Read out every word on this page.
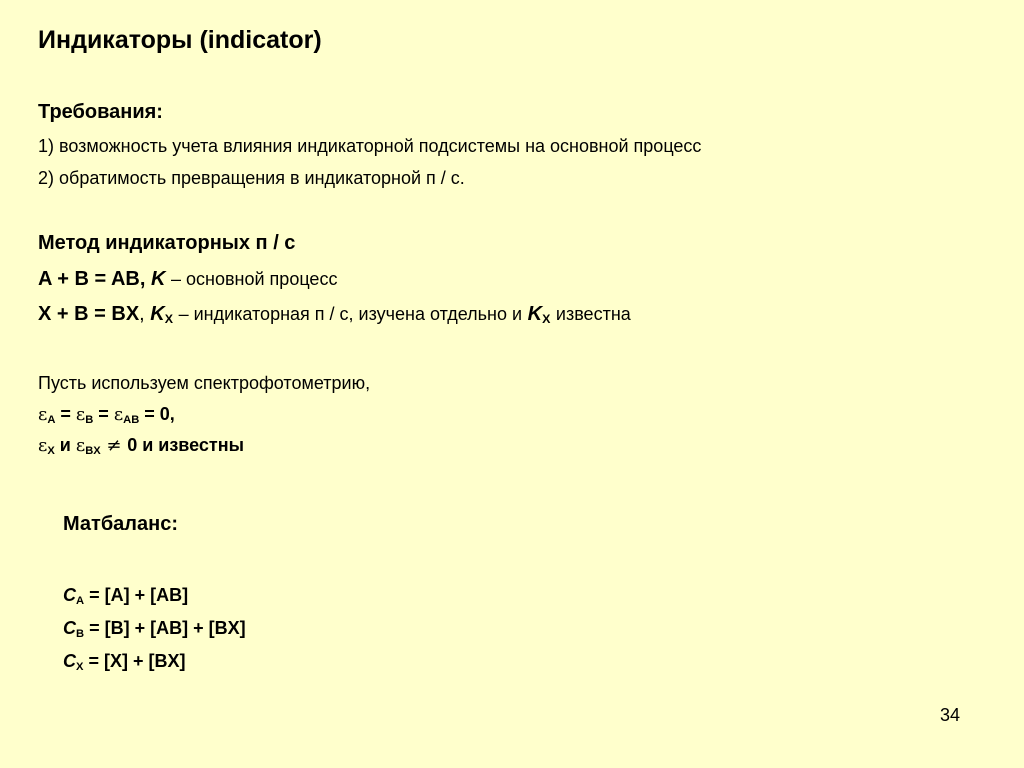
Индикаторы (indicator)
Требования:
1) возможность учета влияния индикаторной подсистемы на основной процесс
2) обратимость превращения в индикаторной п / с.
Метод индикаторных п / с
A + B = AB, K – основной процесс
X + B = BX, $K_X$ – индикаторная п / с, изучена отдельно и $K_X$ известна
Пусть используем спектрофотометрию,
$\varepsilon_A = \varepsilon_B = \varepsilon_{AB} = 0$,
$\varepsilon_X$ и $\varepsilon_{BX} \ne 0$ и известны
Матбаланс:
$C_A = [A] + [AB]$
$C_B = [B] + [AB] + [BX]$
$C_X = [X] + [BX]$
34
